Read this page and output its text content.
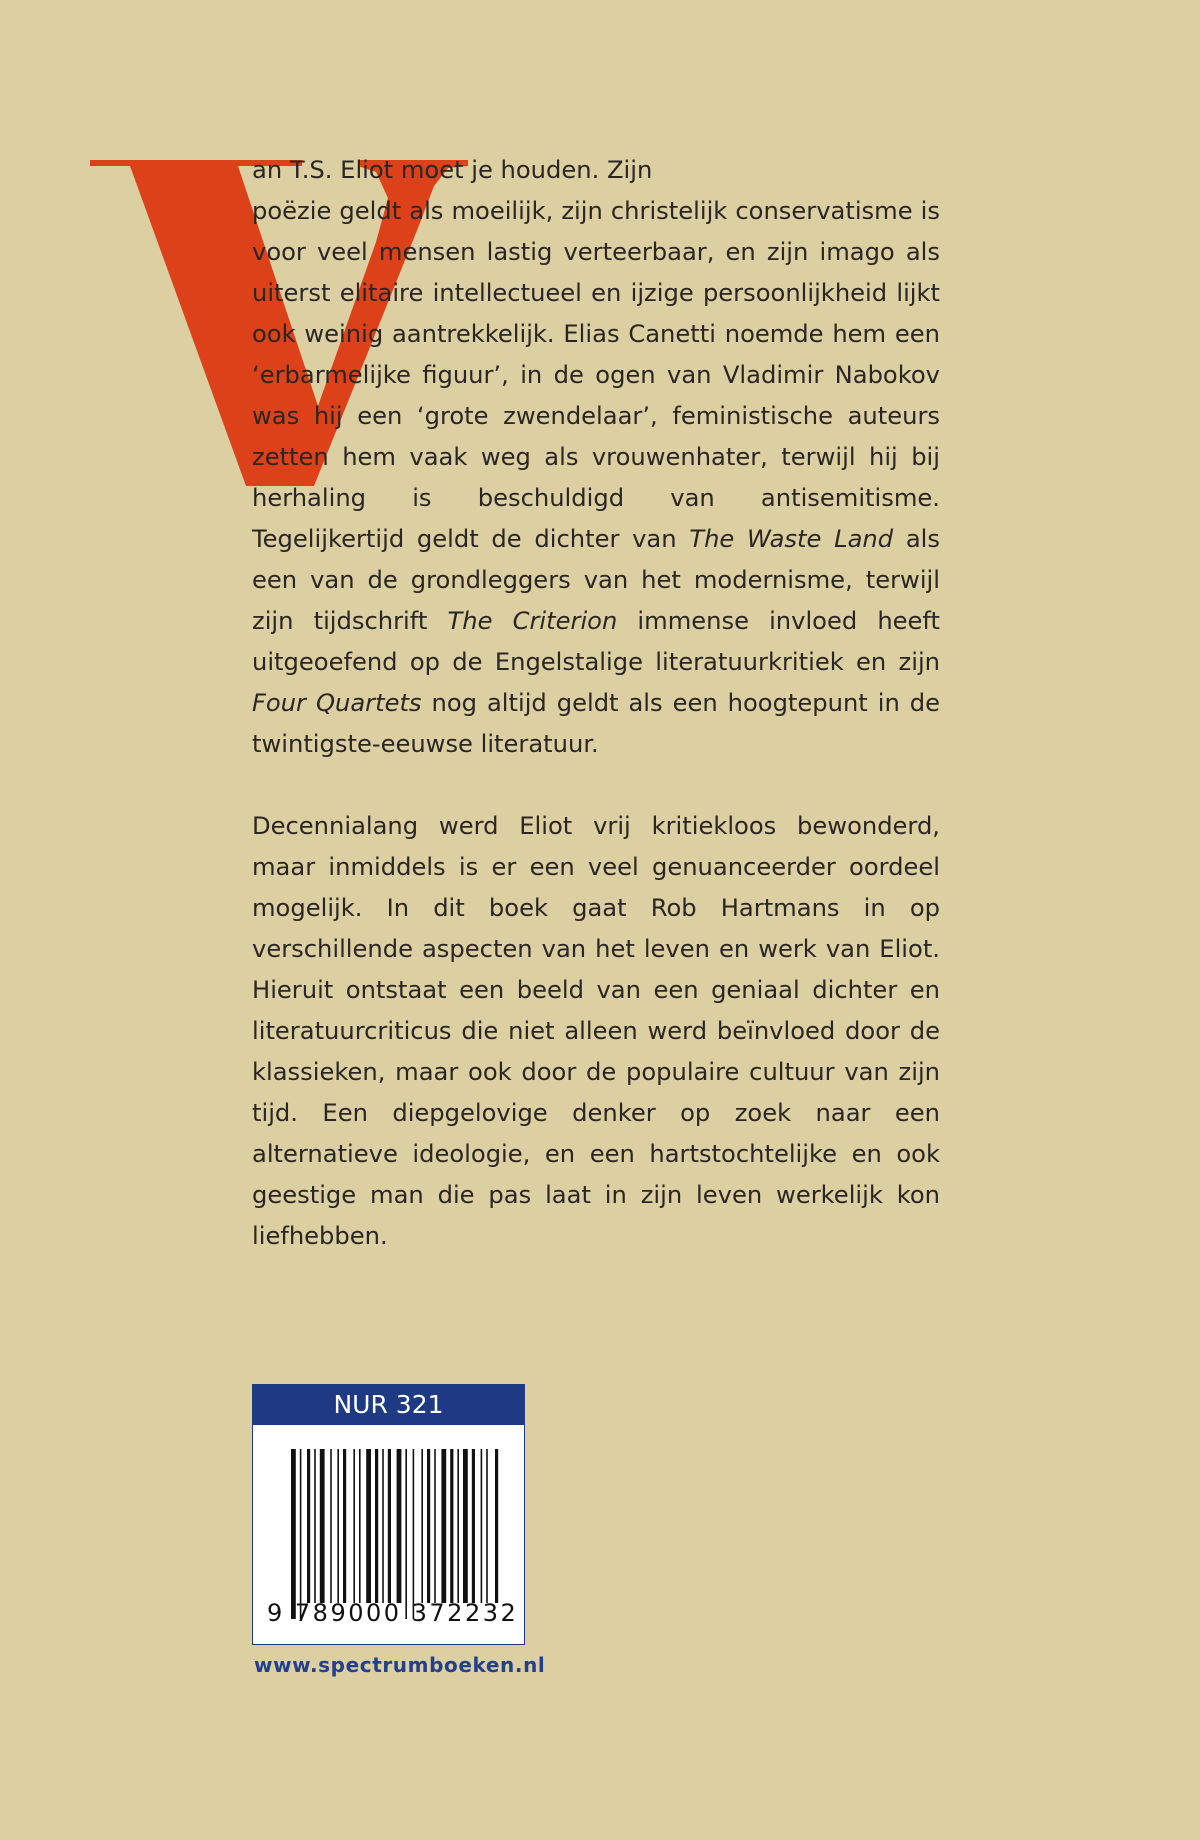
an T.S. Eliot moet je houden. Zijn
poëzie geldt als moeilijk, zijn christelijk conservatisme is voor veel mensen lastig verteerbaar, en zijn imago als uiterst elitaire intellectueel en ijzige persoonlijkheid lijkt ook weinig aantrekkelijk. Elias Canetti noemde hem een ‘erbarmelijke figuur’, in de ogen van Vladimir Nabokov was hij een ‘grote zwendelaar’, feministische auteurs zetten hem vaak weg als vrouwenhater, terwijl hij bij herhaling is beschuldigd van antisemitisme. Tegelijkertijd geldt de dichter van The Waste Land als een van de grondleggers van het modernisme, terwijl zijn tijdschrift The Criterion immense invloed heeft uitgeoefend op de Engelstalige literatuurkritiek en zijn Four Quartets nog altijd geldt als een hoogtepunt in de twintigste-eeuwse literatuur.

Decennialang werd Eliot vrij kritiekloos bewonderd, maar inmiddels is er een veel genuanceerder oordeel mogelijk. In dit boek gaat Rob Hartmans in op verschillende aspecten van het leven en werk van Eliot. Hieruit ontstaat een beeld van een geniaal dichter en literatuurcriticus die niet alleen werd beïnvloed door de klassieken, maar ook door de populaire cultuur van zijn tijd. Een diepgelovige denker op zoek naar een alternatieve ideologie, en een hartstochtelijke en ook geestige man die pas laat in zijn leven werkelijk kon liefhebben.

NUR 321
9 789000 372232
www.spectrumboeken.nl
